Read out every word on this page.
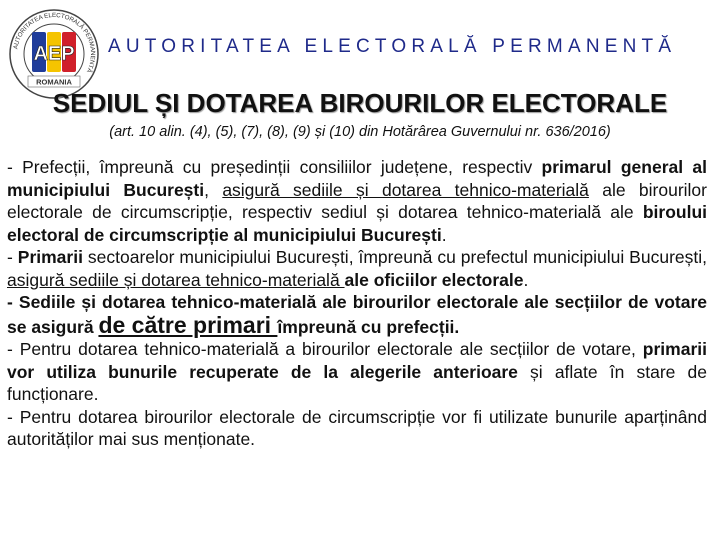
AUTORITATEA ELECTORALĂ PERMANENTĂ
AEP
ROMANIA
AUTORITATEA ELECTORALĂ PERMANENTĂ
SEDIUL ȘI DOTAREA BIROURILOR ELECTORALE
(art. 10 alin. (4), (5), (7), (8), (9) și (10) din Hotărârea Guvernului nr. 636/2016)

- Prefecții, împreună cu președinții consiliilor județene, respectiv primarul general al municipiului București, asigură sediile și dotarea tehnico-materială ale birourilor electorale de circumscripție, respectiv sediul și dotarea tehnico-materială ale biroului electoral de circumscripție al municipiului București.

- Primarii sectoarelor municipiului București, împreună cu prefectul municipiului București, asigură sediile și dotarea tehnico-materială ale oficiilor electorale.

- Sediile și dotarea tehnico-materială ale birourilor electorale ale secțiilor de votare se asigură de către primari împreună cu prefecții.

- Pentru dotarea tehnico-materială a birourilor electorale ale secțiilor de votare, primarii vor utiliza bunurile recuperate de la alegerile anterioare și aflate în stare de funcționare.

- Pentru dotarea birourilor electorale de circumscripție vor fi utilizate bunurile aparținând autorităților mai sus menționate.
